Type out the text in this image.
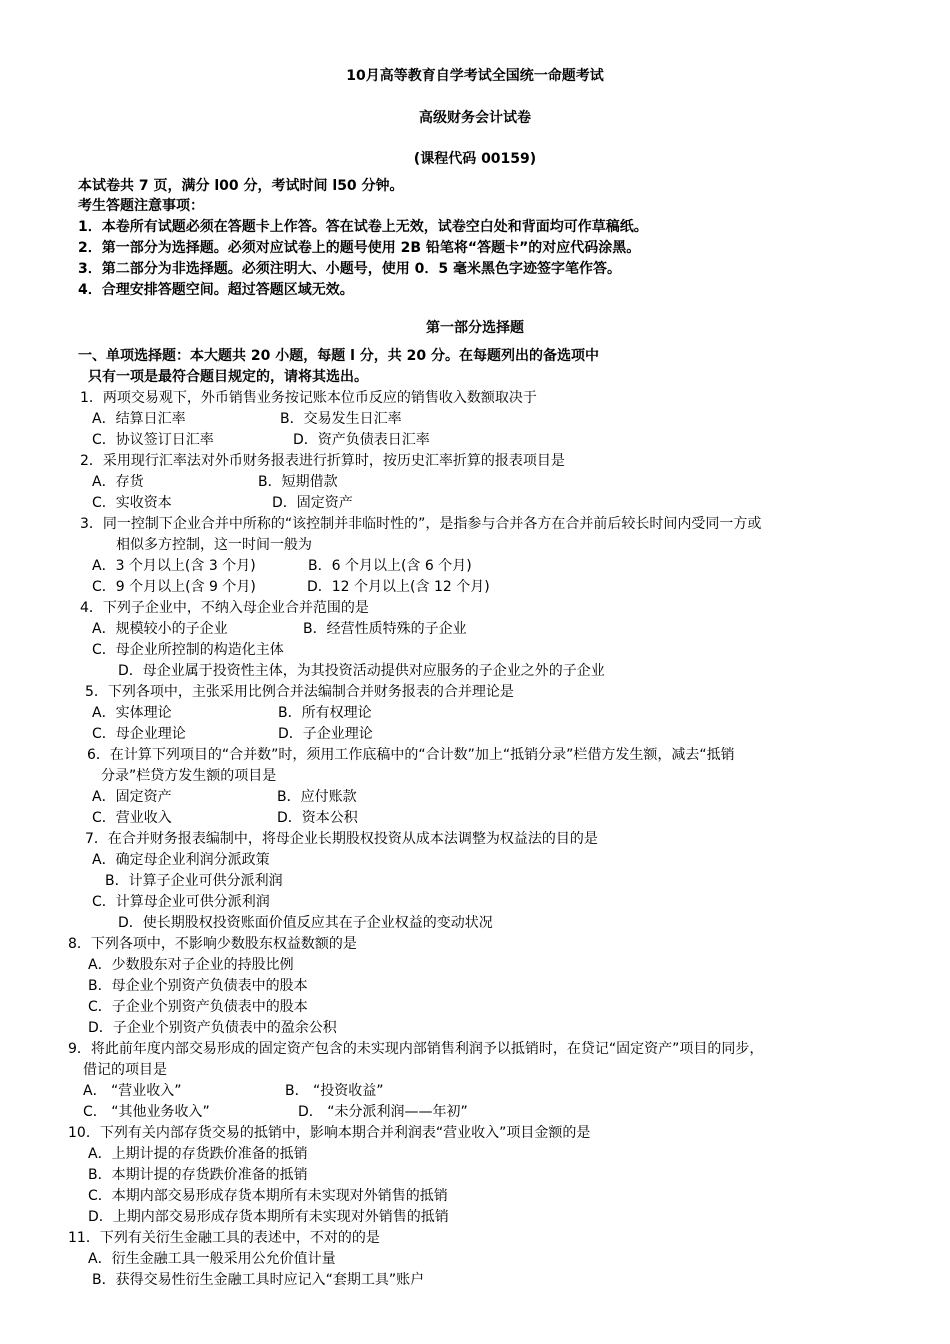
10月高等教育自学考试全国统一命题考试
高级财务会计试卷
(课程代码 00159)
本试卷共 7 页，满分 l00 分，考试时间 l50 分钟。
考生答题注意事项：
1．本卷所有试题必须在答题卡上作答。答在试卷上无效，试卷空白处和背面均可作草稿纸。
2．第一部分为选择题。必须对应试卷上的题号使用 2B 铅笔将“答题卡”的对应代码涂黑。
3．第二部分为非选择题。必须注明大、小题号，使用 0．5 毫米黑色字迹签字笔作答。
4．合理安排答题空间。超过答题区域无效。
第一部分选择题
一、单项选择题：本大题共 20 小题，每题 l 分，共 20 分。在每题列出的备选项中
只有一项是最符合题目规定的，请将其选出。
1．两项交易观下，外币销售业务按记账本位币反应的销售收入数额取决于
A．结算日汇率	B．交易发生日汇率
C．协议签订日汇率	D．资产负债表日汇率
2．采用现行汇率法对外币财务报表进行折算时，按历史汇率折算的报表项目是
A．存货	B．短期借款
C．实收资本	D．固定资产
3．同一控制下企业合并中所称的“该控制并非临时性的”，是指参与合并各方在合并前后较长时间内受同一方或
相似多方控制，这一时间一般为
A．3 个月以上(含 3 个月)	B．6 个月以上(含 6 个月)
C．9 个月以上(含 9 个月)	D．12 个月以上(含 12 个月)
4．下列子企业中，不纳入母企业合并范围的是
A．规模较小的子企业	B．经营性质特殊的子企业
C．母企业所控制的构造化主体
D．母企业属于投资性主体，为其投资活动提供对应服务的子企业之外的子企业
5．下列各项中，主张采用比例合并法编制合并财务报表的合并理论是
A．实体理论	B．所有权理论
C．母企业理论	D．子企业理论
6．在计算下列项目的“合并数”时，须用工作底稿中的“合计数”加上“抵销分录”栏借方发生额，减去“抵销
分录”栏贷方发生额的项目是
A．固定资产	B．应付账款
C．营业收入	D．资本公积
7．在合并财务报表编制中，将母企业长期股权投资从成本法调整为权益法的目的是
A．确定母企业利润分派政策
B．计算子企业可供分派利润
C．计算母企业可供分派利润
D．使长期股权投资账面价值反应其在子企业权益的变动状况
8．下列各项中，不影响少数股东权益数额的是
A．少数股东对子企业的持股比例
B．母企业个别资产负债表中的股本
C．子企业个别资产负债表中的股本
D．子企业个别资产负债表中的盈余公积
9．将此前年度内部交易形成的固定资产包含的未实现内部销售利润予以抵销时，在贷记“固定资产”项目的同步，
借记的项目是
A． “营业收入”	B． “投资收益”
C． “其他业务收入”	D． “未分派利润——年初”
10．下列有关内部存货交易的抵销中，影响本期合并利润表“营业收入”项目金额的是
A．上期计提的存货跌价准备的抵销
B．本期计提的存货跌价准备的抵销
C．本期内部交易形成存货本期所有未实现对外销售的抵销
D．上期内部交易形成存货本期所有未实现对外销售的抵销
11．下列有关衍生金融工具的表述中，不对的的是
A．衍生金融工具一般采用公允价值计量
B．获得交易性衍生金融工具时应记入“套期工具”账户
